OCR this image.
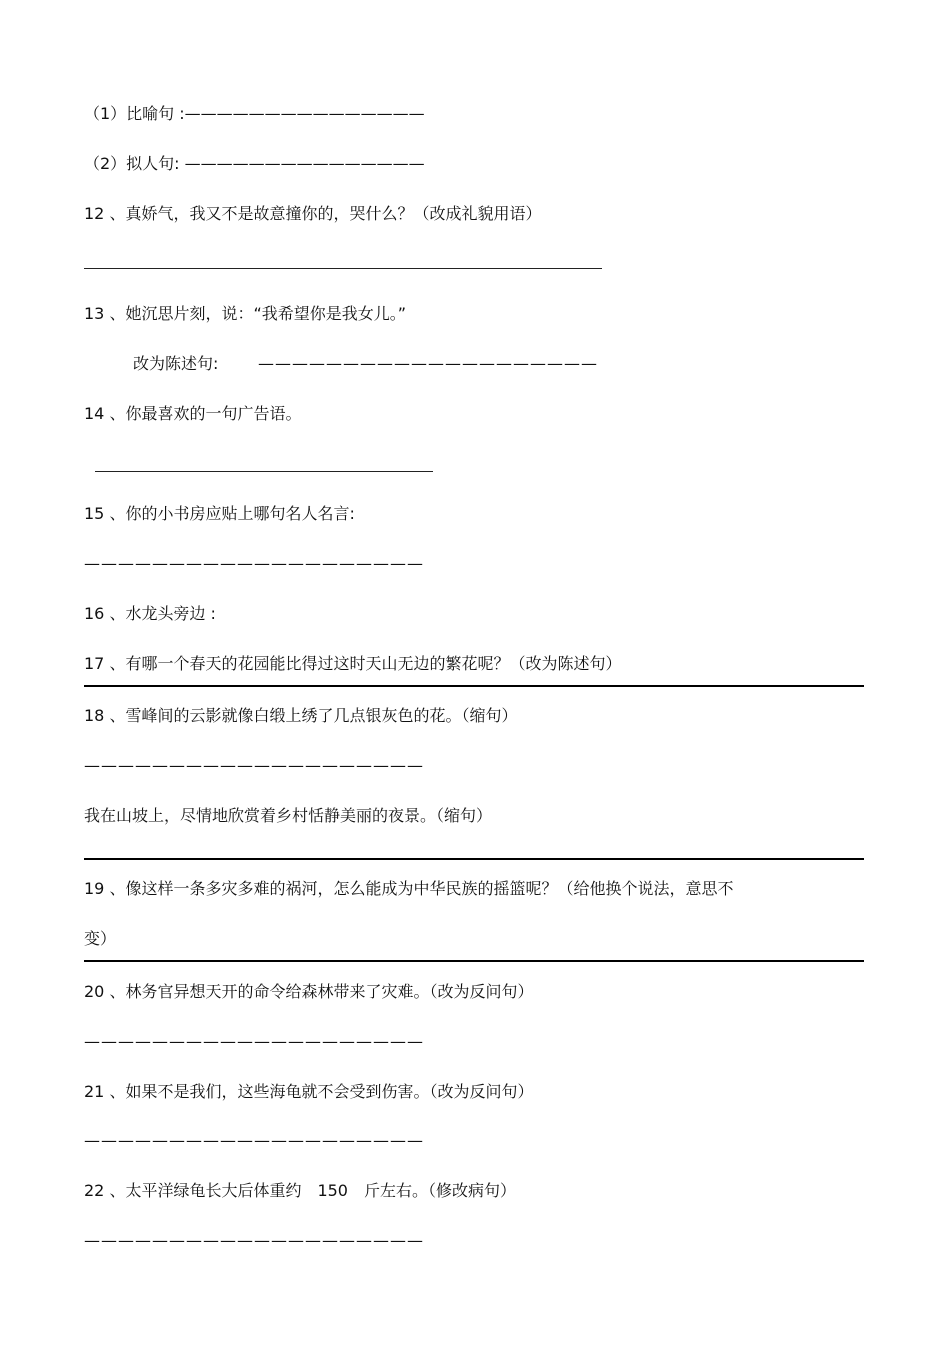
（1）比喻句 :———————————————
（2）拟人句: ———————————————
12 、真娇气，我又不是故意撞你的，哭什么？（改成礼貌用语）
13 、她沉思片刻，说：“我希望你是我女儿。”
改为陈述句: ————————————————————
14 、你最喜欢的一句广告语。
15 、你的小书房应贴上哪句名人名言:
————————————————————
16 、水龙头旁边 :
17 、有哪一个春天的花园能比得过这时天山无边的繁花呢？（改为陈述句）
18 、雪峰间的云影就像白缎上绣了几点银灰色的花。（缩句）
————————————————————
我在山坡上，尽情地欣赏着乡村恬静美丽的夜景。（缩句）
19 、像这样一条多灾多难的祸河，怎么能成为中华民族的摇篮呢？（给他换个说法，意思不
变）
20 、林务官异想天开的命令给森林带来了灾难。（改为反问句）
————————————————————
21 、如果不是我们，这些海龟就不会受到伤害。（改为反问句）
————————————————————
22 、太平洋绿龟长大后体重约　150　斤左右。（修改病句）
————————————————————
